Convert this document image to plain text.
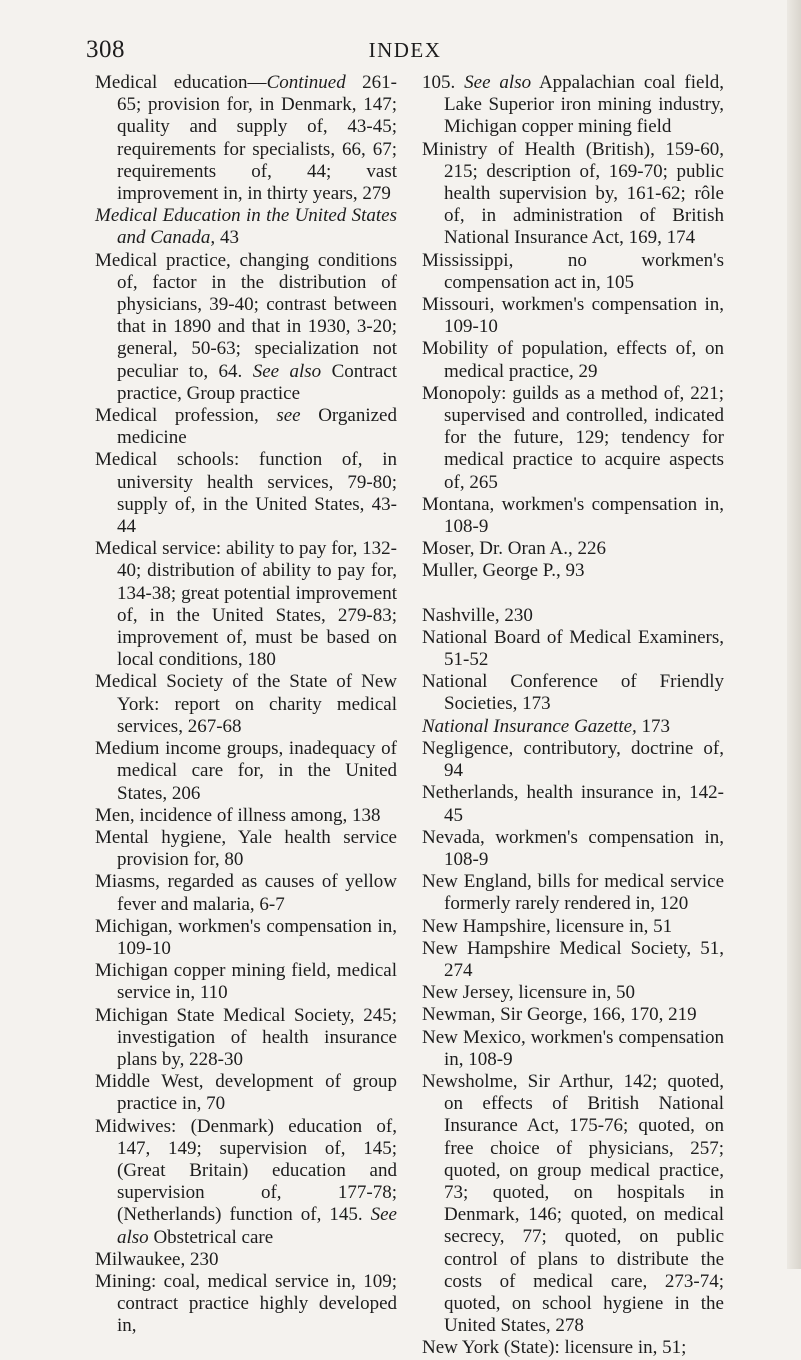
308	INDEX

Medical education—Continued 261-65; provision for, in Denmark, 147; quality and supply of, 43-45; requirements for specialists, 66, 67; requirements of, 44; vast improvement in, in thirty years, 279

Medical Education in the United States and Canada, 43

Medical practice, changing conditions of, factor in the distribution of physicians, 39-40; contrast between that in 1890 and that in 1930, 3-20; general, 50-63; specialization not peculiar to, 64. See also Contract practice, Group practice

Medical profession, see Organized medicine

Medical schools: function of, in university health services, 79-80; supply of, in the United States, 43-44

Medical service: ability to pay for, 132-40; distribution of ability to pay for, 134-38; great potential improvement of, in the United States, 279-83; improvement of, must be based on local conditions, 180

Medical Society of the State of New York: report on charity medical services, 267-68

Medium income groups, inadequacy of medical care for, in the United States, 206

Men, incidence of illness among, 138

Mental hygiene, Yale health service provision for, 80

Miasms, regarded as causes of yellow fever and malaria, 6-7

Michigan, workmen's compensation in, 109-10

Michigan copper mining field, medical service in, 110

Michigan State Medical Society, 245; investigation of health insurance plans by, 228-30

Middle West, development of group practice in, 70

Midwives: (Denmark) education of, 147, 149; supervision of, 145; (Great Britain) education and supervision of, 177-78; (Netherlands) function of, 145. See also Obstetrical care

Milwaukee, 230

Mining: coal, medical service in, 109; contract practice highly developed in,

105. See also Appalachian coal field, Lake Superior iron mining industry, Michigan copper mining field

Ministry of Health (British), 159-60, 215; description of, 169-70; public health supervision by, 161-62; rôle of, in administration of British National Insurance Act, 169, 174

Mississippi, no workmen's compensation act in, 105

Missouri, workmen's compensation in, 109-10

Mobility of population, effects of, on medical practice, 29

Monopoly: guilds as a method of, 221; supervised and controlled, indicated for the future, 129; tendency for medical practice to acquire aspects of, 265

Montana, workmen's compensation in, 108-9

Moser, Dr. Oran A., 226

Muller, George P., 93

Nashville, 230

National Board of Medical Examiners, 51-52

National Conference of Friendly Societies, 173

National Insurance Gazette, 173

Negligence, contributory, doctrine of, 94

Netherlands, health insurance in, 142-45

Nevada, workmen's compensation in, 108-9

New England, bills for medical service formerly rarely rendered in, 120

New Hampshire, licensure in, 51

New Hampshire Medical Society, 51, 274

New Jersey, licensure in, 50

Newman, Sir George, 166, 170, 219

New Mexico, workmen's compensation in, 108-9

Newsholme, Sir Arthur, 142; quoted, on effects of British National Insurance Act, 175-76; quoted, on free choice of physicians, 257; quoted, on group medical practice, 73; quoted, on hospitals in Denmark, 146; quoted, on medical secrecy, 77; quoted, on public control of plans to distribute the costs of medical care, 273-74; quoted, on school hygiene in the United States, 278

New York (State): licensure in, 51;
